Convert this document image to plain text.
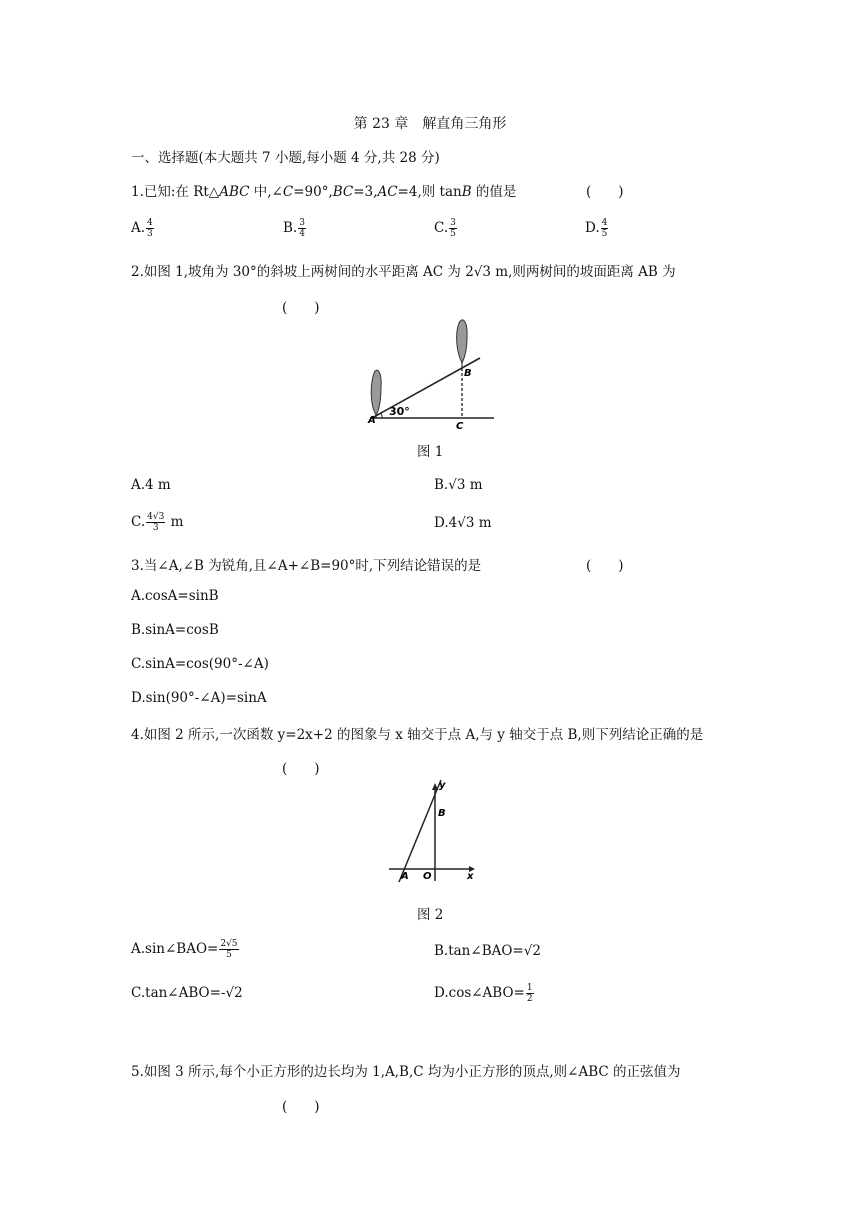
第 23 章　解直角三角形
一、选择题(本大题共 7 小题,每小题 4 分,共 28 分)
1.已知:在 Rt△ABC 中,∠C=90°,BC=3,AC=4,则 tanB 的值是	(　　)
A. $\frac{4}{3}$	B. $\frac{3}{4}$	C. $\frac{3}{5}$	D. $\frac{4}{5}$
2.如图 1,坡角为 30°的斜坡上两树间的水平距离 AC 为 2√3 m,则两树间的坡面距离 AB 为
(　　)
A
30°
B
C
图 1
A.4 m	B.√3 m
C. $\frac{4√3}{3}$ m	D.4√3 m
3.当∠A,∠B 为锐角,且∠A+∠B=90°时,下列结论错误的是	(　　)
A.cosA=sinB
B.sinA=cosB
C.sinA=cos(90°-∠A)
D.sin(90°-∠A)=sinA
4.如图 2 所示,一次函数 y=2x+2 的图象与 x 轴交于点 A,与 y 轴交于点 B,则下列结论正确的是
(　　)
y
x
A O
B
图 2
A.sin∠BAO= $\frac{2√5}{5}$	B.tan∠BAO=√2
C.tan∠ABO=-√2	D.cos∠ABO= $\frac{1}{2}$
5.如图 3 所示,每个小正方形的边长均为 1,A,B,C 均为小正方形的顶点,则∠ABC 的正弦值为
(　　)
